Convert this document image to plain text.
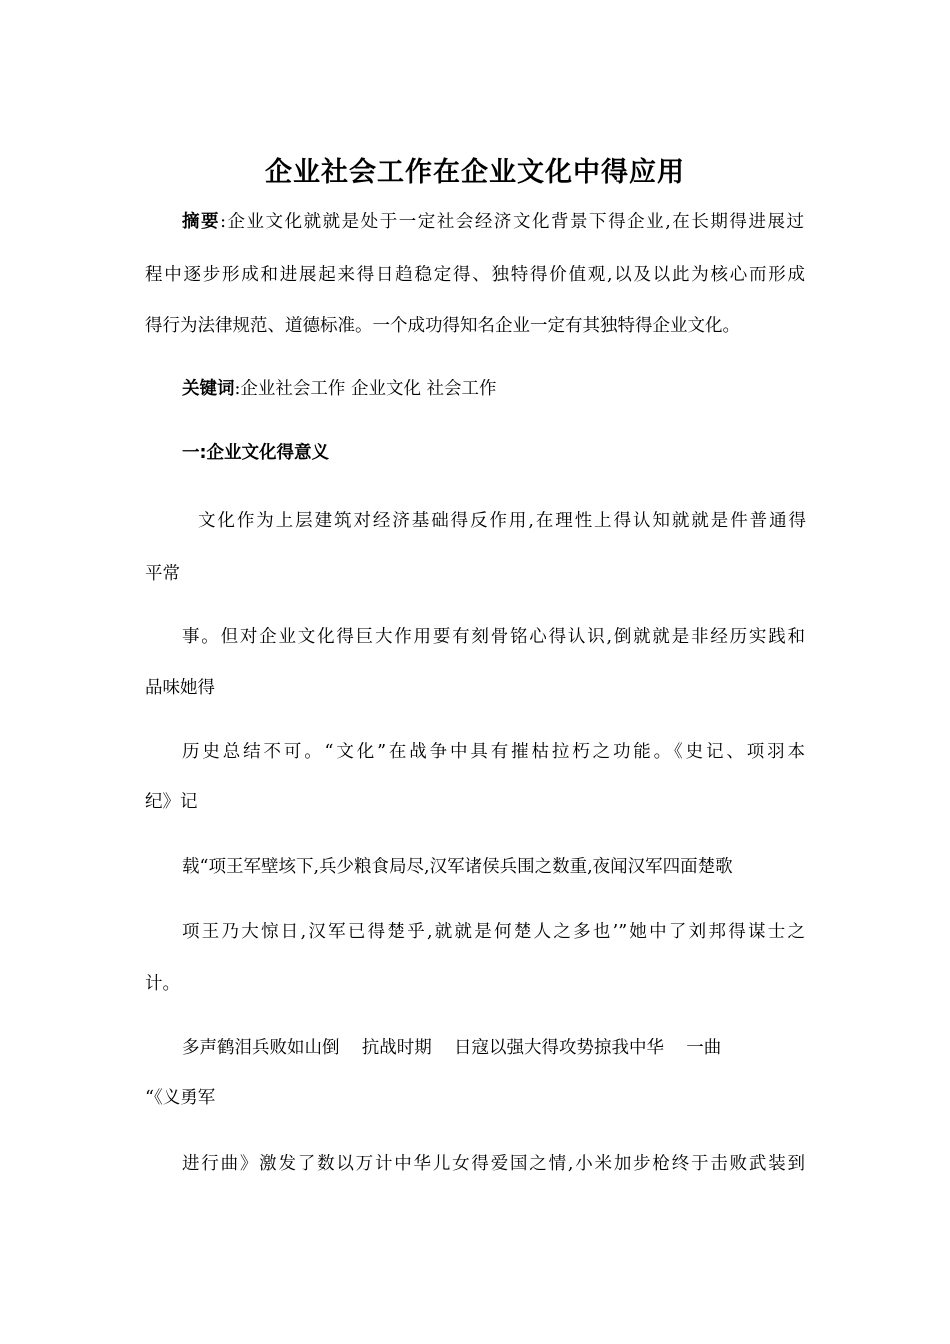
企业社会工作在企业文化中得应用
摘要:企业文化就就是处于一定社会经济文化背景下得企业,在长期得进展过
程中逐步形成和进展起来得日趋稳定得、独特得价值观,以及以此为核心而形成
得行为法律规范、道德标准。一个成功得知名企业一定有其独特得企业文化。
关键词:企业社会工作 企业文化 社会工作
一:企业文化得意义
文化作为上层建筑对经济基础得反作用,在理性上得认知就就是件普通得
平常
事。但对企业文化得巨大作用要有刻骨铭心得认识,倒就就是非经历实践和
品味她得
历史总结不可。“文化”在战争中具有摧枯拉朽之功能。《史记、项羽本
纪》记
载“项王军壁垓下,兵少粮食局尽,汉军诸侯兵围之数重,夜闻汉军四面楚歌
项王乃大惊日,汉军已得楚乎,就就是何楚人之多也’”她中了刘邦得谋士之
计。
多声鹤泪兵败如山倒    抗战时期    日寇以强大得攻势掠我中华    一曲
“《义勇军
进行曲》激发了数以万计中华儿女得爱国之情,小米加步枪终于击败武装到
